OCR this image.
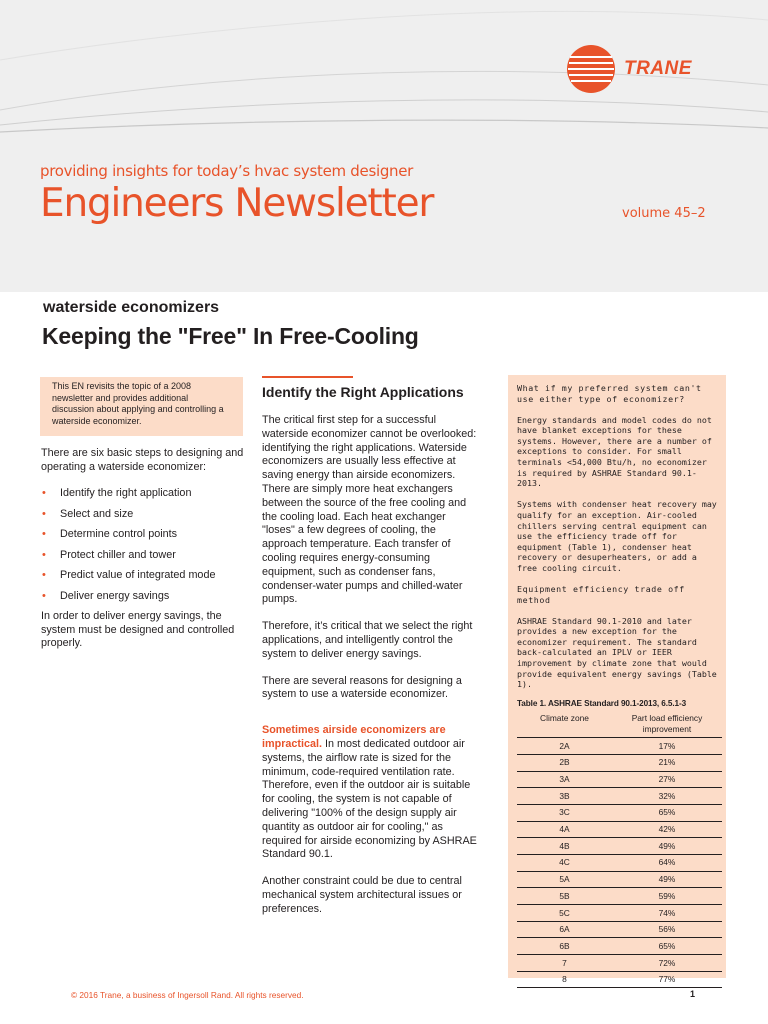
TRANE
providing insights for today’s hvac system designer
Engineers Newsletter	volume 45–2
waterside economizers
Keeping the "Free" In Free-Cooling
This EN revisits the topic of a 2008 newsletter and provides additional discussion about applying and controlling a waterside economizer.

There are six basic steps to designing and operating a waterside economizer:

• Identify the right application
• Select and size
• Determine control points
• Protect chiller and tower
• Predict value of integrated mode
• Deliver energy savings

In order to deliver energy savings, the system must be designed and controlled properly.

Identify the Right Applications

The critical first step for a successful waterside economizer cannot be overlooked: identifying the right applications. Waterside economizers are usually less effective at saving energy than airside economizers. There are simply more heat exchangers between the source of the free cooling and the cooling load. Each heat exchanger "loses" a few degrees of cooling, the approach temperature. Each transfer of cooling requires energy-consuming equipment, such as condenser fans, condenser-water pumps and chilled-water pumps.

Therefore, it’s critical that we select the right applications, and intelligently control the system to deliver energy savings.

There are several reasons for designing a system to use a waterside economizer.

Sometimes airside economizers are impractical. In most dedicated outdoor air systems, the airflow rate is sized for the minimum, code-required ventilation rate. Therefore, even if the outdoor air is suitable for cooling, the system is not capable of delivering "100% of the design supply air quantity as outdoor air for cooling," as required for airside economizing by ASHRAE Standard 90.1.

Another constraint could be due to central mechanical system architectural issues or preferences.

What if my preferred system can't use either type of economizer?

Energy standards and model codes do not have blanket exceptions for these systems. However, there are a number of exceptions to consider. For small terminals <54,000 Btu/h, no economizer is required by ASHRAE Standard 90.1-2013.

Systems with condenser heat recovery may qualify for an exception. Air-cooled chillers serving central equipment can use the efficiency trade off for equipment (Table 1), condenser heat recovery or desuperheaters, or add a free cooling circuit.

Equipment efficiency trade off method

ASHRAE Standard 90.1-2010 and later provides a new exception for the economizer requirement. The standard back-calculated an IPLV or IEER improvement by climate zone that would provide equivalent energy savings (Table 1).

Table 1. ASHRAE Standard 90.1-2013, 6.5.1-3
Climate zone	Part load efficiency improvement
2A	17%
2B	21%
3A	27%
3B	32%
3C	65%
4A	42%
4B	49%
4C	64%
5A	49%
5B	59%
5C	74%
6A	56%
6B	65%
7	72%
8	77%
© 2016 Trane, a business of Ingersoll Rand. All rights reserved.	1
